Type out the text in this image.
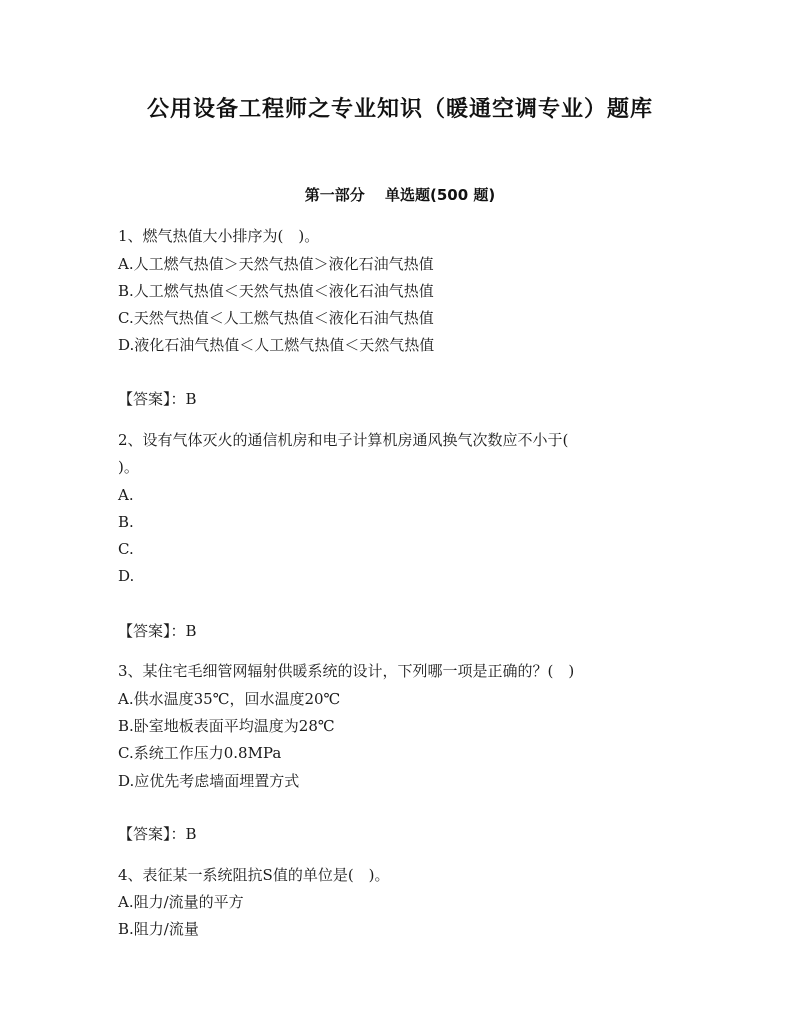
公用设备工程师之专业知识（暖通空调专业）题库
第一部分　 单选题(500 题)
1、燃气热值大小排序为(　)。
A.人工燃气热值＞天然气热值＞液化石油气热值
B.人工燃气热值＜天然气热值＜液化石油气热值
C.天然气热值＜人工燃气热值＜液化石油气热值
D.液化石油气热值＜人工燃气热值＜天然气热值
【答案】：B
2、设有气体灭火的通信机房和电子计算机房通风换气次数应不小于(
)。
A.
B.
C.
D.
【答案】：B
3、某住宅毛细管网辐射供暖系统的设计，下列哪一项是正确的？(　)
A.供水温度35℃，回水温度20℃
B.卧室地板表面平均温度为28℃
C.系统工作压力0.8MPa
D.应优先考虑墙面埋置方式
【答案】：B
4、表征某一系统阻抗S值的单位是(　)。
A.阻力/流量的平方
B.阻力/流量
